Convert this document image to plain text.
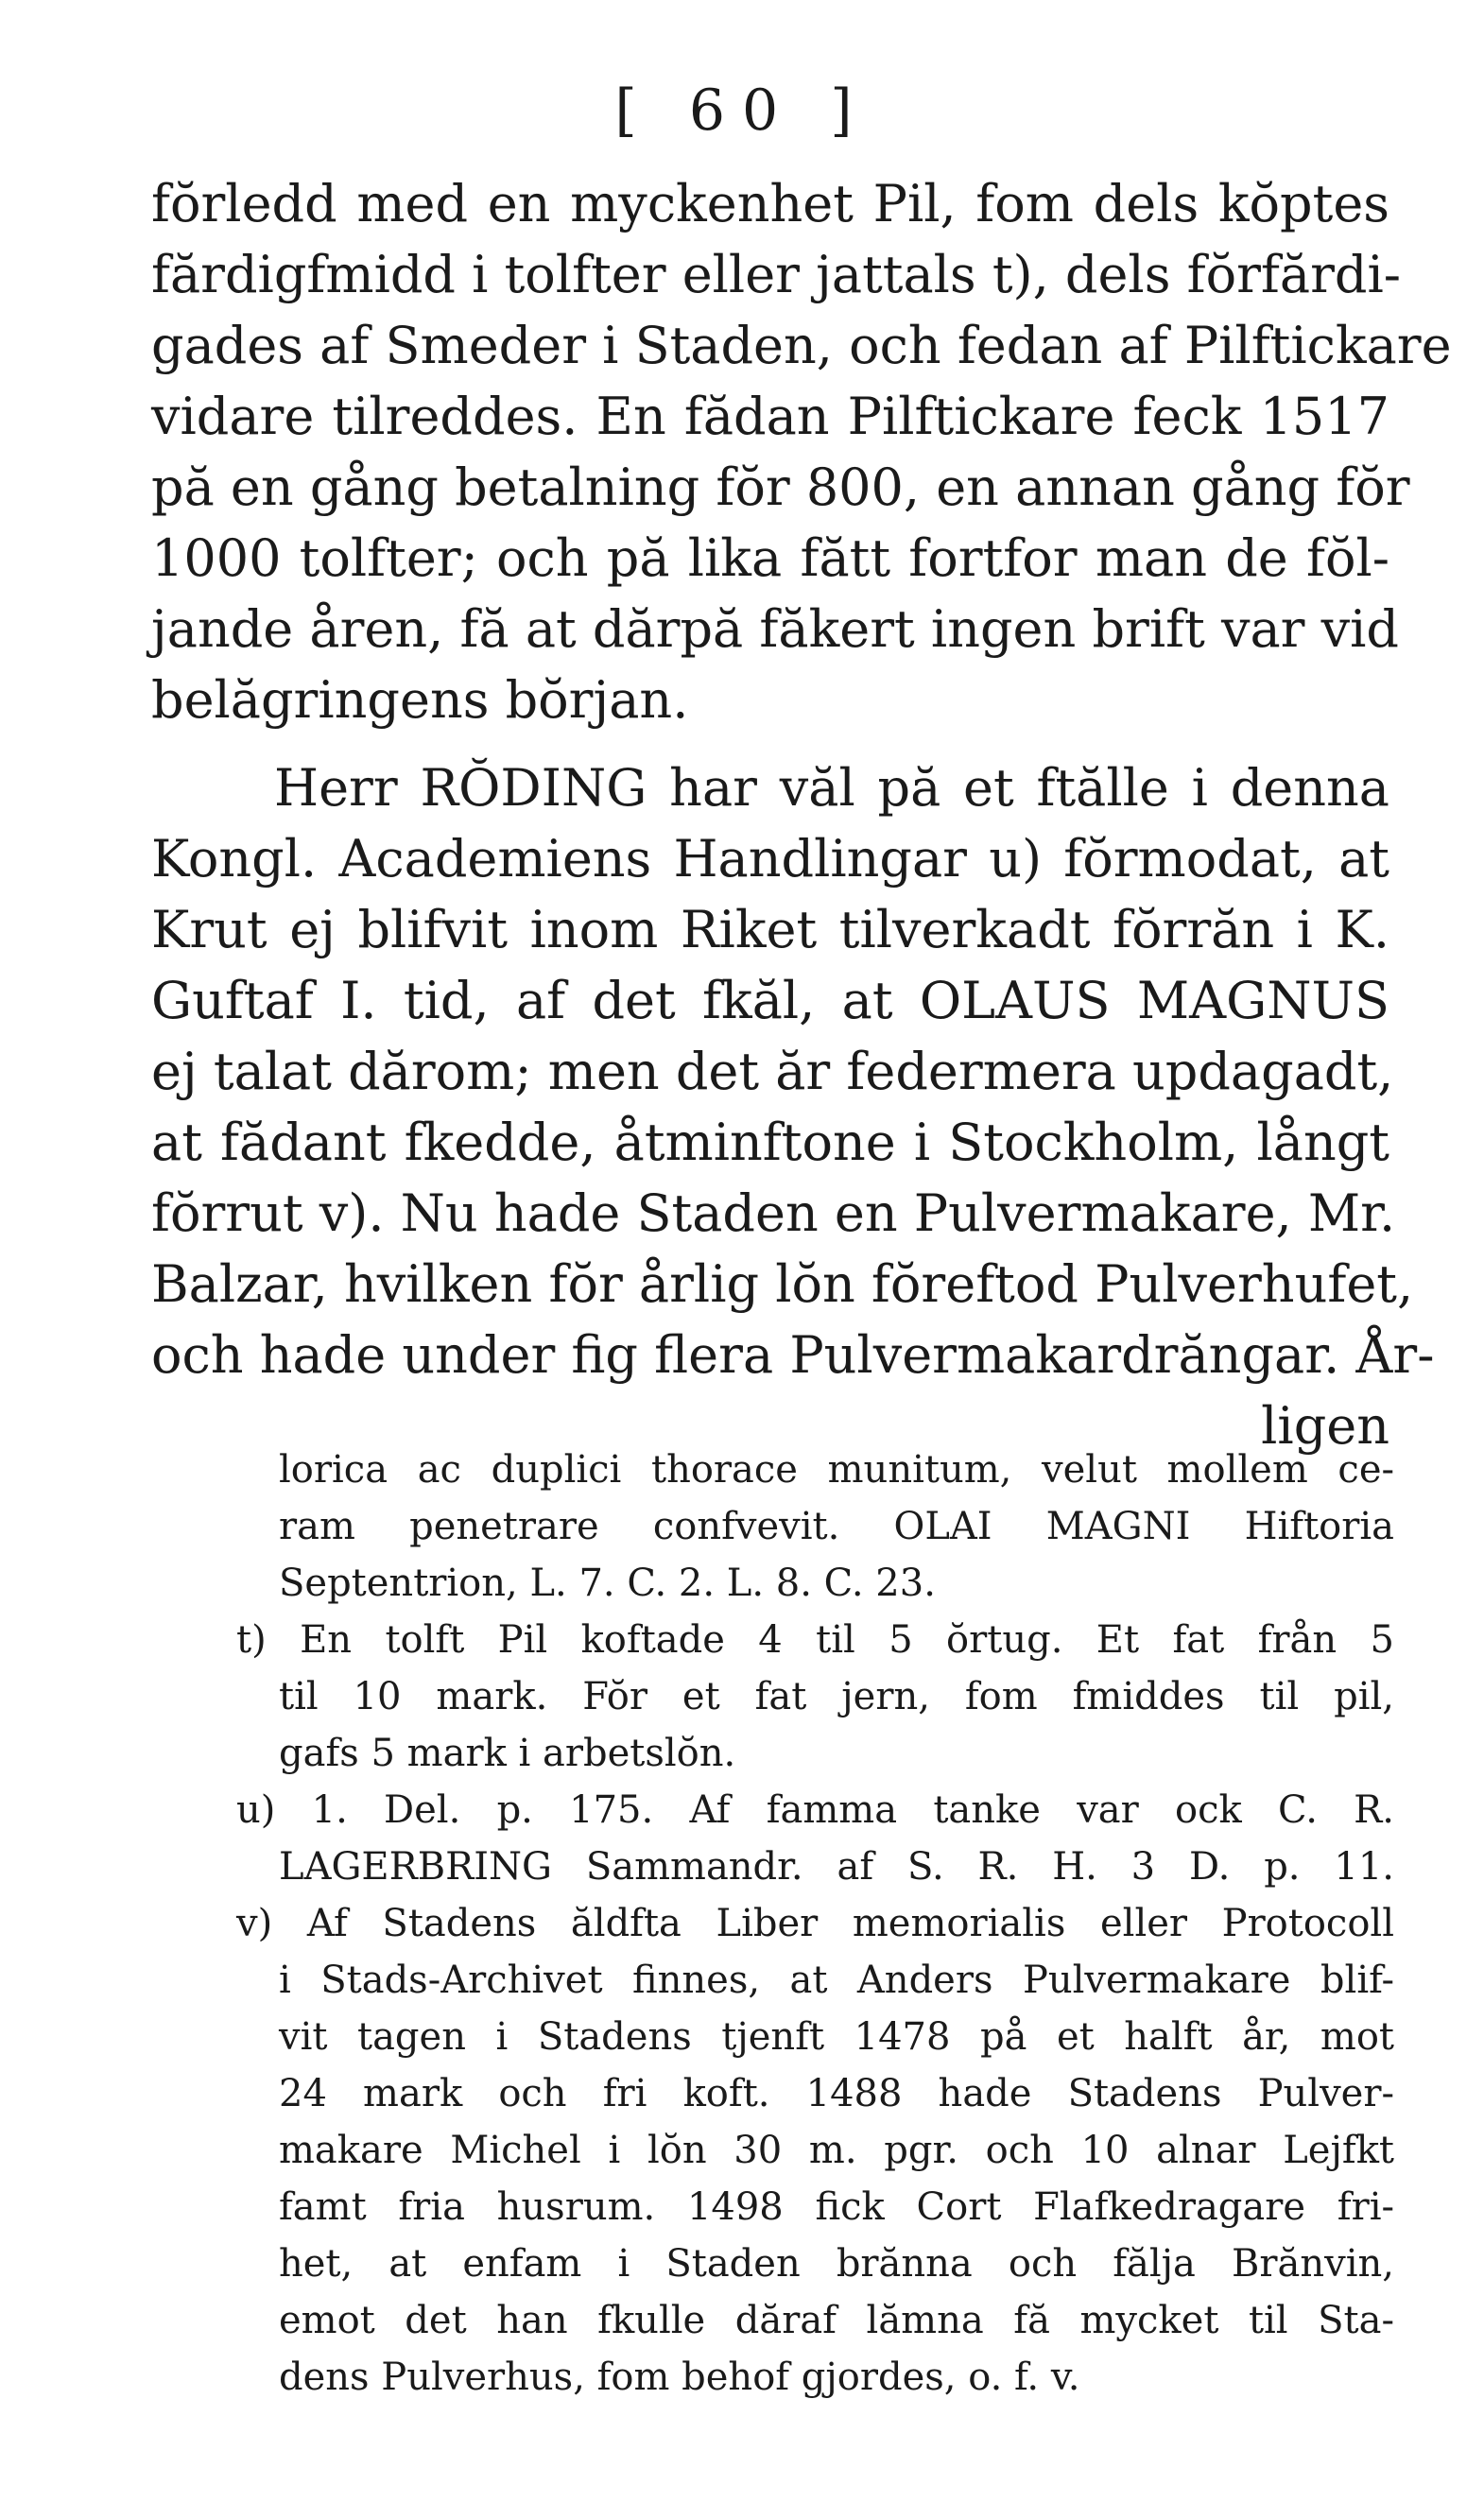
[ 60 ]
fŏrledd med en myckenhet Pil, fom dels kŏptes
fărdigfmidd i tolfter eller jattals t), dels fŏrfărdi-
gades af Smeder i Staden, och fedan af Pilftickare
vidare tilreddes. En fădan Pilftickare feck 1517
pă en gång betalning fŏr 800, en annan gång fŏr
1000 tolfter; och pă lika fătt fortfor man de fŏl-
jande åren, fă at dărpă făkert ingen brift var vid
belăgringens bŏrjan.
Herr RŎDING har văl pă et ftălle i denna
Kongl. Academiens Handlingar u) fŏrmodat, at
Krut ej blifvit inom Riket tilverkadt fŏrrăn i K.
Guftaf I. tid, af det fkăl, at OLAUS MAGNUS
ej talat dărom; men det ăr federmera updagadt,
at fădant fkedde, åtminftone i Stockholm, långt
fŏrrut v). Nu hade Staden en Pulvermakare, Mr.
Balzar, hvilken fŏr årlig lŏn fŏreftod Pulverhufet,
och hade under fig flera Pulvermakardrăngar. År-
ligen
lorica ac duplici thorace munitum, velut mollem ce-
ram penetrare confvevit. OLAI MAGNI Hiftoria
Septentrion, L. 7. C. 2. L. 8. C. 23.
t) En tolft Pil koftade 4 til 5 ŏrtug. Et fat från 5
til 10 mark. Fŏr et fat jern, fom fmiddes til pil,
gafs 5 mark i arbetslŏn.
u) 1. Del. p. 175. Af famma tanke var ock C. R.
LAGERBRING Sammandr. af S. R. H. 3 D. p. 11.
v) Af Stadens ăldfta Liber memorialis eller Protocoll
i Stads-Archivet finnes, at Anders Pulvermakare blif-
vit tagen i Stadens tjenft 1478 på et halft år, mot
24 mark och fri koft. 1488 hade Stadens Pulver-
makare Michel i lŏn 30 m. pgr. och 10 alnar Lejfkt
famt fria husrum. 1498 fick Cort Flafkedragare fri-
het, at enfam i Staden brănna och fălja Brănvin,
emot det han fkulle dăraf lămna fă mycket til Sta-
dens Pulverhus, fom behof gjordes, o. f. v.
